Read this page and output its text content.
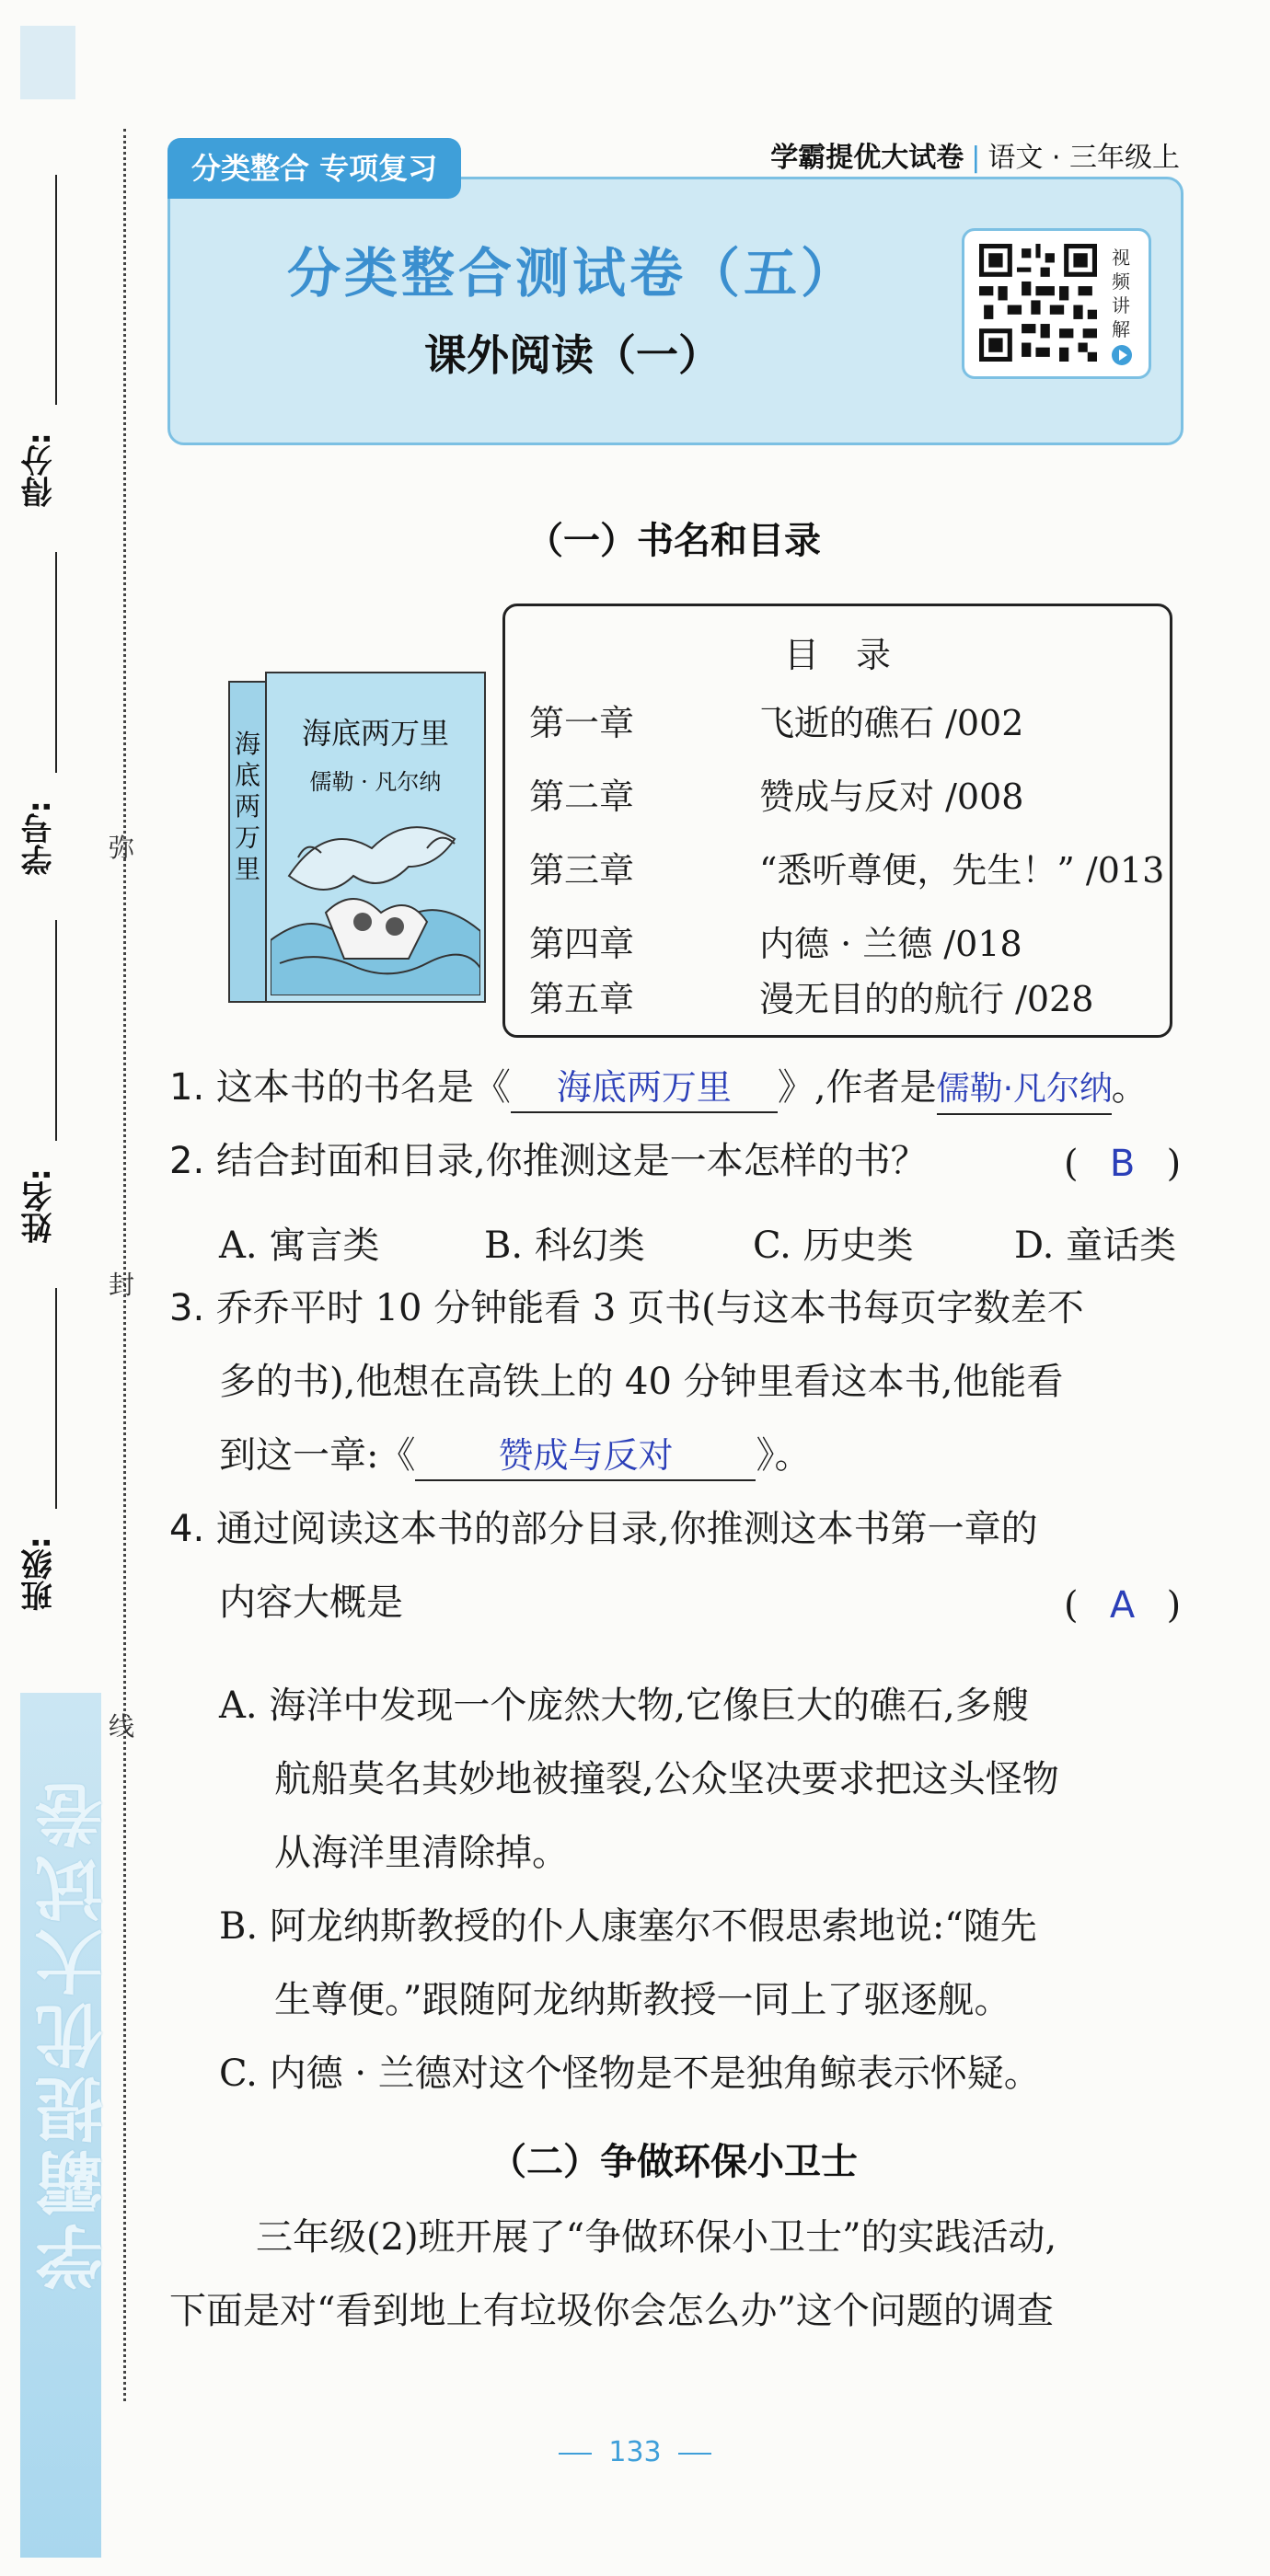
学霸提优大试卷
弥
封
线
得分:
学号:
姓名:
班级:
分类整合 专项复习	学霸提优大试卷 | 语文 · 三年级上
分类整合测试卷（五）
课外阅读（一）
视
频
讲
解
（一）书名和目录
海
底
两
万
里
海底两万里
儒勒 · 凡尔纳
目录
第一章	飞逝的礁石 /002
第二章	赞成与反对 /008
第三章	“悉听尊便，先生！” /013
第四章	内德 · 兰德 /018
第五章	漫无目的的航行 /028
1. 这本书的书名是《 海底两万里 》,作者是儒勒·凡尔纳。
2. 结合封面和目录,你推测这是一本怎样的书？	( B )
A. 寓言类	B. 科幻类	C. 历史类	D. 童话类
3. 乔乔平时 10 分钟能看 3 页书(与这本书每页字数差不
多的书),他想在高铁上的 40 分钟里看这本书,他能看
到这一章:《 赞成与反对 》。
4. 通过阅读这本书的部分目录,你推测这本书第一章的
内容大概是	( A )
A. 海洋中发现一个庞然大物,它像巨大的礁石,多艘
航船莫名其妙地被撞裂,公众坚决要求把这头怪物
从海洋里清除掉。
B. 阿龙纳斯教授的仆人康塞尔不假思索地说:“随先
生尊便。”跟随阿龙纳斯教授一同上了驱逐舰。
C. 内德 · 兰德对这个怪物是不是独角鲸表示怀疑。
（二）争做环保小卫士
三年级(2)班开展了“争做环保小卫士”的实践活动,
下面是对“看到地上有垃圾你会怎么办”这个问题的调查
133
